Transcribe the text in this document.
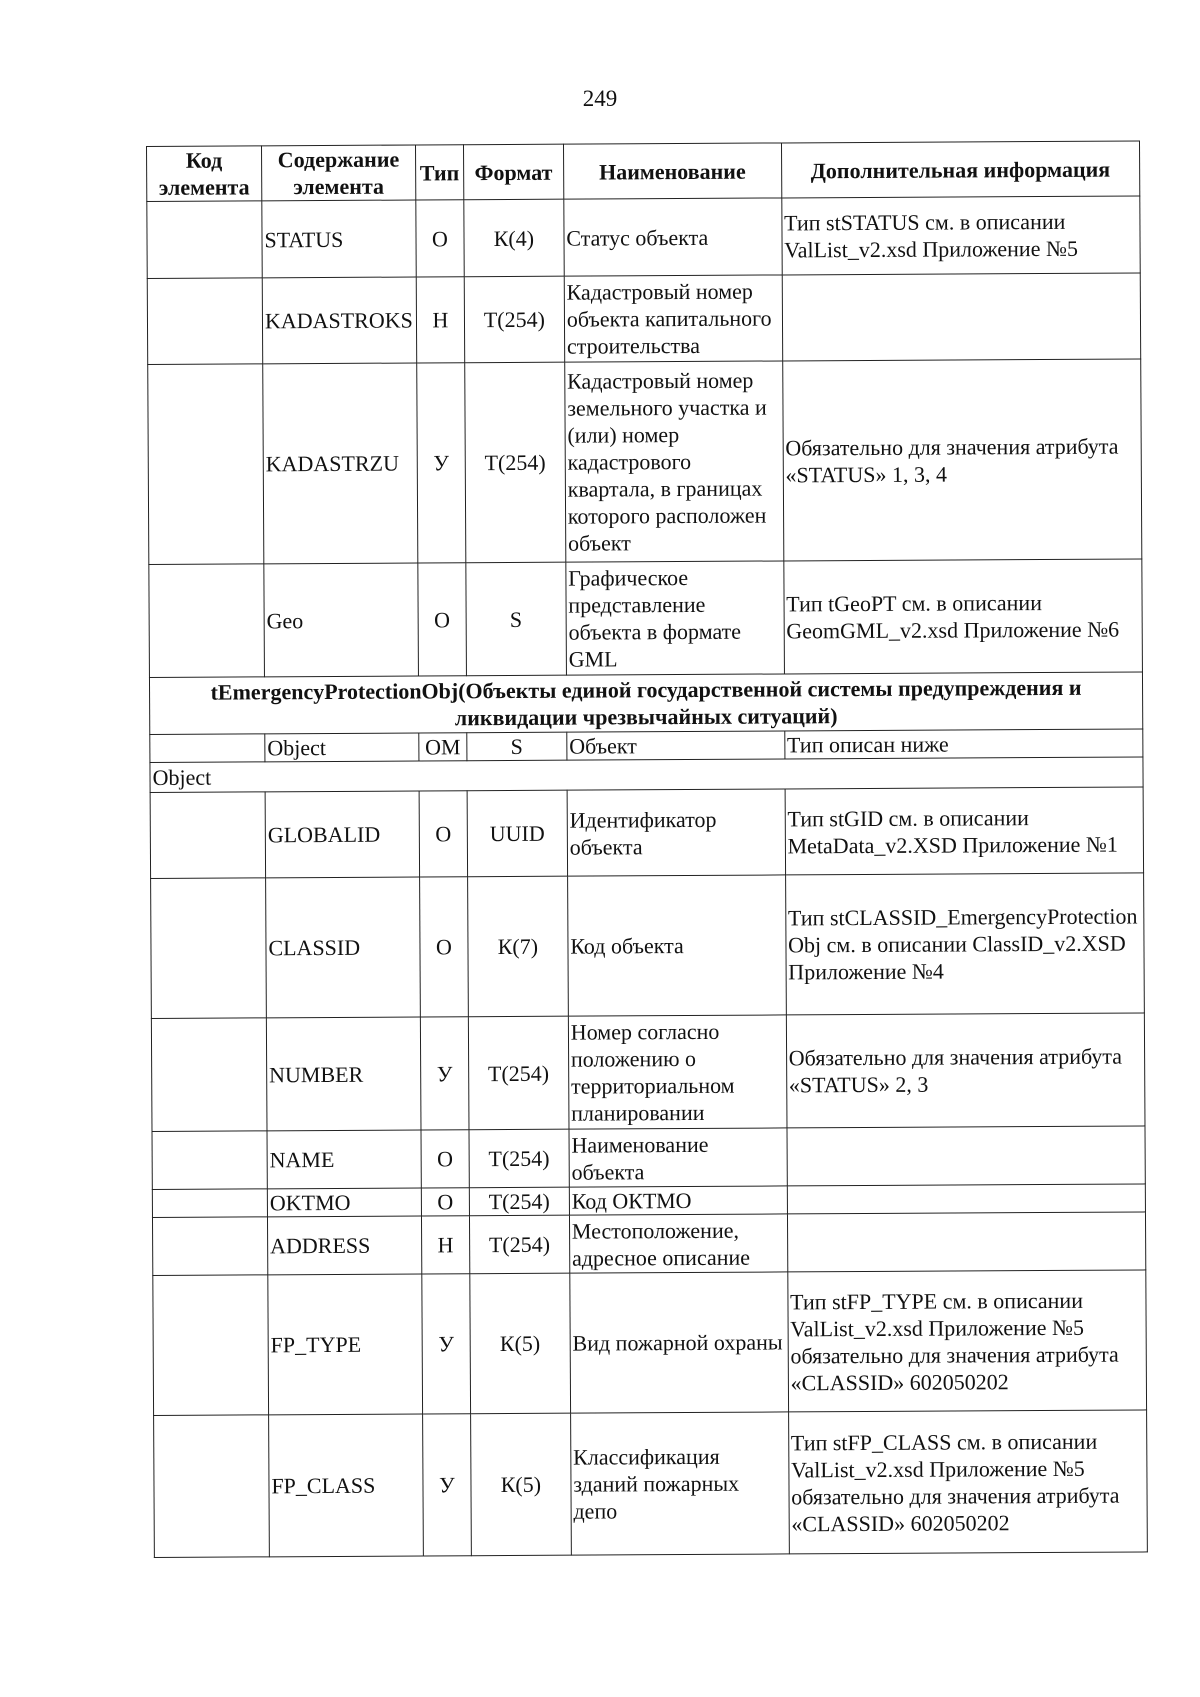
249
Код элемента	Содержание элемента	Тип	Формат	Наименование	Дополнительная информация
	STATUS	О	К(4)	Статус объекта	Тип stSTATUS см. в описании ValList_v2.xsd Приложение №5
	KADASTROKS	Н	Т(254)	Кадастровый номер объекта капитального строительства	
	KADASTRZU	У	Т(254)	Кадастровый номер земельного участка и (или) номер кадастрового квартала, в границах которого расположен объект	Обязательно для значения атрибута «STATUS» 1, 3, 4
	Geo	О	S	Графическое представление объекта в формате GML	Тип tGeoPT см. в описании GeomGML_v2.xsd Приложение №6
tEmergencyProtectionObj(Объекты единой государственной системы предупреждения и ликвидации чрезвычайных ситуаций)					
	Object	ОМ	S	Объект	Тип описан ниже
Object					
	GLOBALID	О	UUID	Идентификатор объекта	Тип stGID см. в описании MetaData_v2.XSD Приложение №1
	CLASSID	О	К(7)	Код объекта	Тип stCLASSID_EmergencyProtectionObj см. в описании ClassID_v2.XSD Приложение №4
	NUMBER	У	Т(254)	Номер согласно положению о территориальном планировании	Обязательно для значения атрибута «STATUS» 2, 3
	NAME	О	Т(254)	Наименование объекта	
	OKTMO	О	Т(254)	Код ОКТМО	
	ADDRESS	Н	Т(254)	Местоположение, адресное описание	
	FP_TYPE	У	К(5)	Вид пожарной охраны	Тип stFP_TYPE см. в описании ValList_v2.xsd Приложение №5 обязательно для значения атрибута «CLASSID» 602050202
	FP_CLASS	У	К(5)	Классификация зданий пожарных депо	Тип stFP_CLASS см. в описании ValList_v2.xsd Приложение №5 обязательно для значения атрибута «CLASSID» 602050202
